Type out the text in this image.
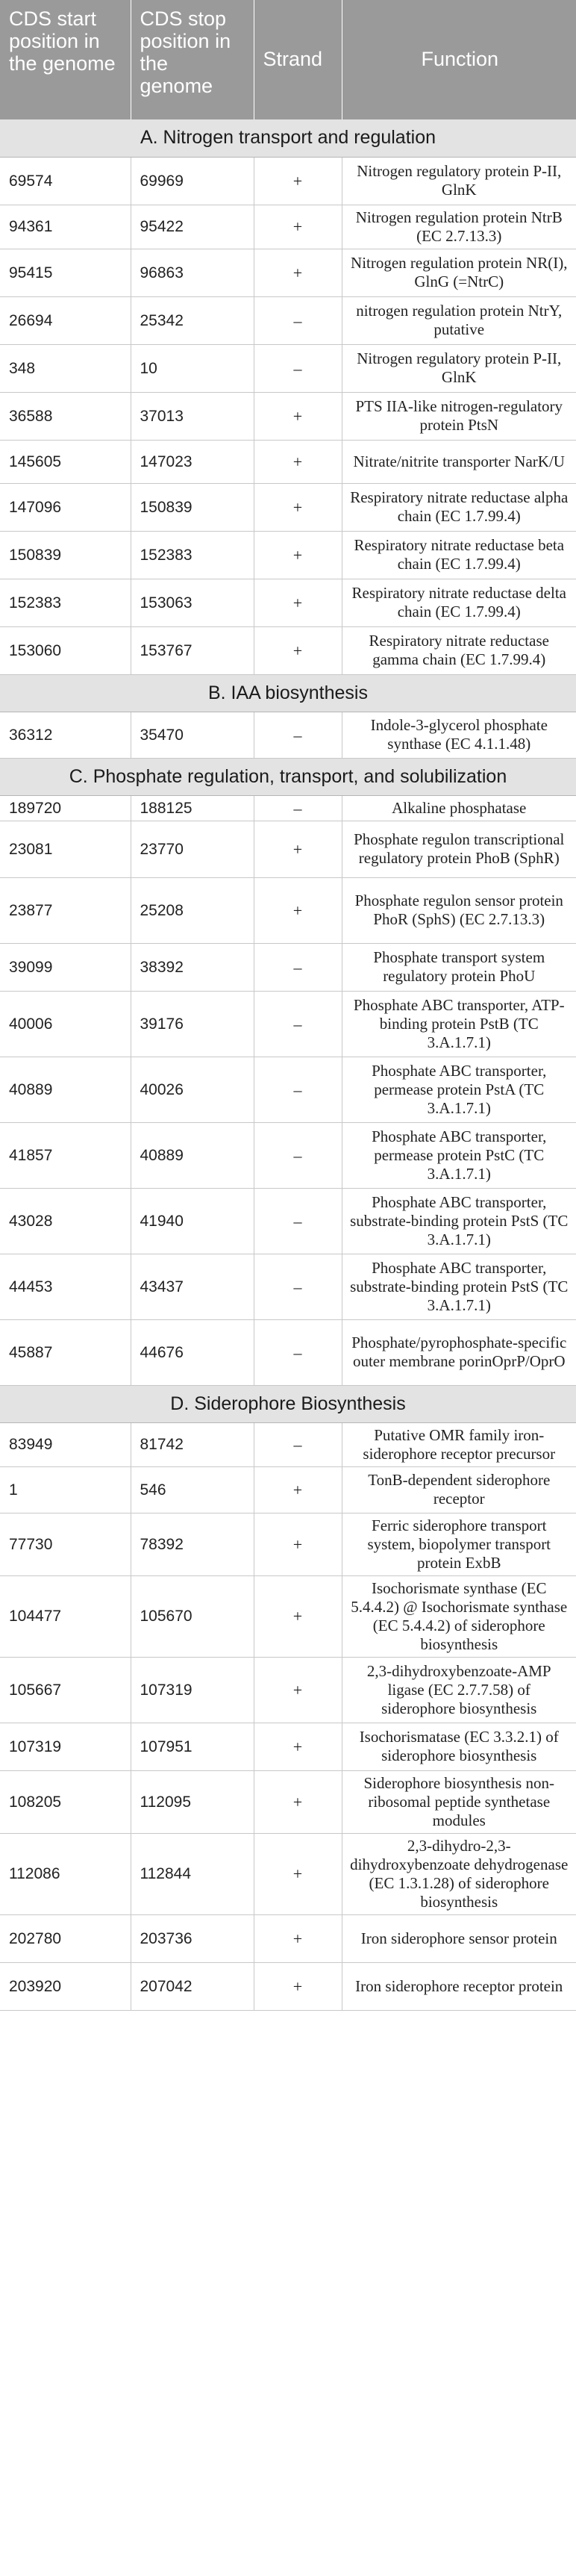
CDS start position in the genome	CDS stop position in the genome	Strand	Function
A. Nitrogen transport and regulation			
69574	69969	+	Nitrogen regulatory protein P-II, GlnK
94361	95422	+	Nitrogen regulation protein NtrB (EC 2.7.13.3)
95415	96863	+	Nitrogen regulation protein NR(I), GlnG (=NtrC)
26694	25342	–	nitrogen regulation protein NtrY, putative
348	10	–	Nitrogen regulatory protein P-II, GlnK
36588	37013	+	PTS IIA-like nitrogen-regulatory protein PtsN
145605	147023	+	Nitrate/nitrite transporter NarK/U
147096	150839	+	Respiratory nitrate reductase alpha chain (EC 1.7.99.4)
150839	152383	+	Respiratory nitrate reductase beta chain (EC 1.7.99.4)
152383	153063	+	Respiratory nitrate reductase delta chain (EC 1.7.99.4)
153060	153767	+	Respiratory nitrate reductase gamma chain (EC 1.7.99.4)
B. IAA biosynthesis			
36312	35470	–	Indole-3-glycerol phosphate synthase (EC 4.1.1.48)
C. Phosphate regulation, transport, and solubilization			
189720	188125	–	Alkaline phosphatase
23081	23770	+	Phosphate regulon transcriptional regulatory protein PhoB (SphR)
23877	25208	+	Phosphate regulon sensor protein PhoR (SphS) (EC 2.7.13.3)
39099	38392	–	Phosphate transport system regulatory protein PhoU
40006	39176	–	Phosphate ABC transporter, ATP-binding protein PstB (TC 3.A.1.7.1)
40889	40026	–	Phosphate ABC transporter, permease protein PstA (TC 3.A.1.7.1)
41857	40889	–	Phosphate ABC transporter, permease protein PstC (TC 3.A.1.7.1)
43028	41940	–	Phosphate ABC transporter, substrate-binding protein PstS (TC 3.A.1.7.1)
44453	43437	–	Phosphate ABC transporter, substrate-binding protein PstS (TC 3.A.1.7.1)
45887	44676	–	Phosphate/pyrophosphate-specific outer membrane porinOprP/OprO
D. Siderophore Biosynthesis			
83949	81742	–	Putative OMR family iron-siderophore receptor precursor
1	546	+	TonB-dependent siderophore receptor
77730	78392	+	Ferric siderophore transport system, biopolymer transport protein ExbB
104477	105670	+	Isochorismate synthase (EC 5.4.4.2) @ Isochorismate synthase (EC 5.4.4.2) of siderophore biosynthesis
105667	107319	+	2,3-dihydroxybenzoate-AMP ligase (EC 2.7.7.58) of siderophore biosynthesis
107319	107951	+	Isochorismatase (EC 3.3.2.1) of siderophore biosynthesis
108205	112095	+	Siderophore biosynthesis non-ribosomal peptide synthetase modules
112086	112844	+	2,3-dihydro-2,3-dihydroxybenzoate dehydrogenase (EC 1.3.1.28) of siderophore biosynthesis
202780	203736	+	Iron siderophore sensor protein
203920	207042	+	Iron siderophore receptor protein
